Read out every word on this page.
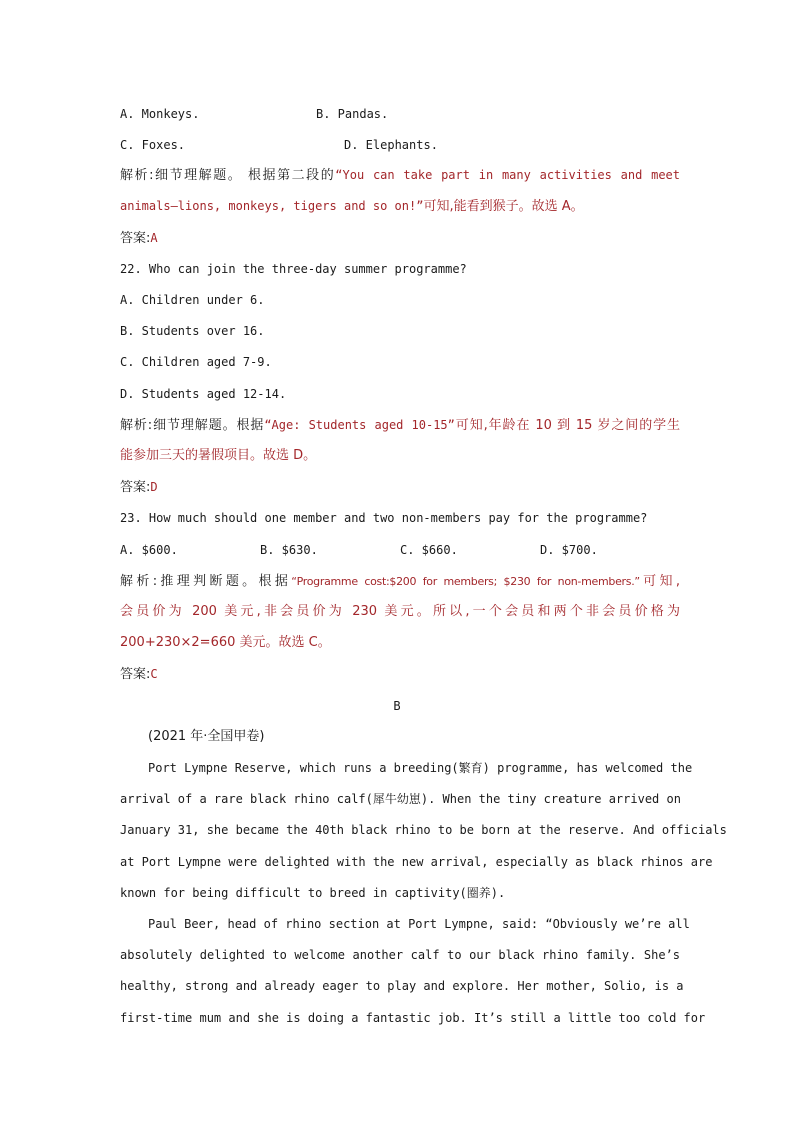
A. Monkeys.	B. Pandas.
C. Foxes.	D. Elephants.
解析:细节理解题。 根据第二段的“You can take part in many activities and meet
animals—lions, monkeys, tigers and so on!”可知,能看到猴子。故选 A。
答案:A
22. Who can join the three-day summer programme?
A. Children under 6.
B. Students over 16.
C. Children aged 7-9.
D. Students aged 12-14.
解析:细节理解题。根据“Age: Students aged 10-15”可知,年龄在 10 到 15 岁之间的学生
能参加三天的暑假项目。故选 D。
答案:D
23. How much should one member and two non-members pay for the programme?
A. $600.	B. $630.	C. $660.	D. $700.
解析:推理判断题。根据“Programme cost:$200 for members; $230 for non-members.”可知,
会员价为 200 美元,非会员价为 230 美元。所以,一个会员和两个非会员价格为
200+230×2=660 美元。故选 C。
答案:C
B
(2021 年·全国甲卷)
Port Lympne Reserve, which runs a breeding(繁育) programme, has welcomed the
arrival of a rare black rhino calf(犀牛幼崽). When the tiny creature arrived on
January 31, she became the 40th black rhino to be born at the reserve. And officials
at Port Lympne were delighted with the new arrival, especially as black rhinos are
known for being difficult to breed in captivity(圈养).
Paul Beer, head of rhino section at Port Lympne, said: “Obviously we’re all
absolutely delighted to welcome another calf to our black rhino family. She’s
healthy, strong and already eager to play and explore. Her mother, Solio, is a
first-time mum and she is doing a fantastic job. It’s still a little too cold for
